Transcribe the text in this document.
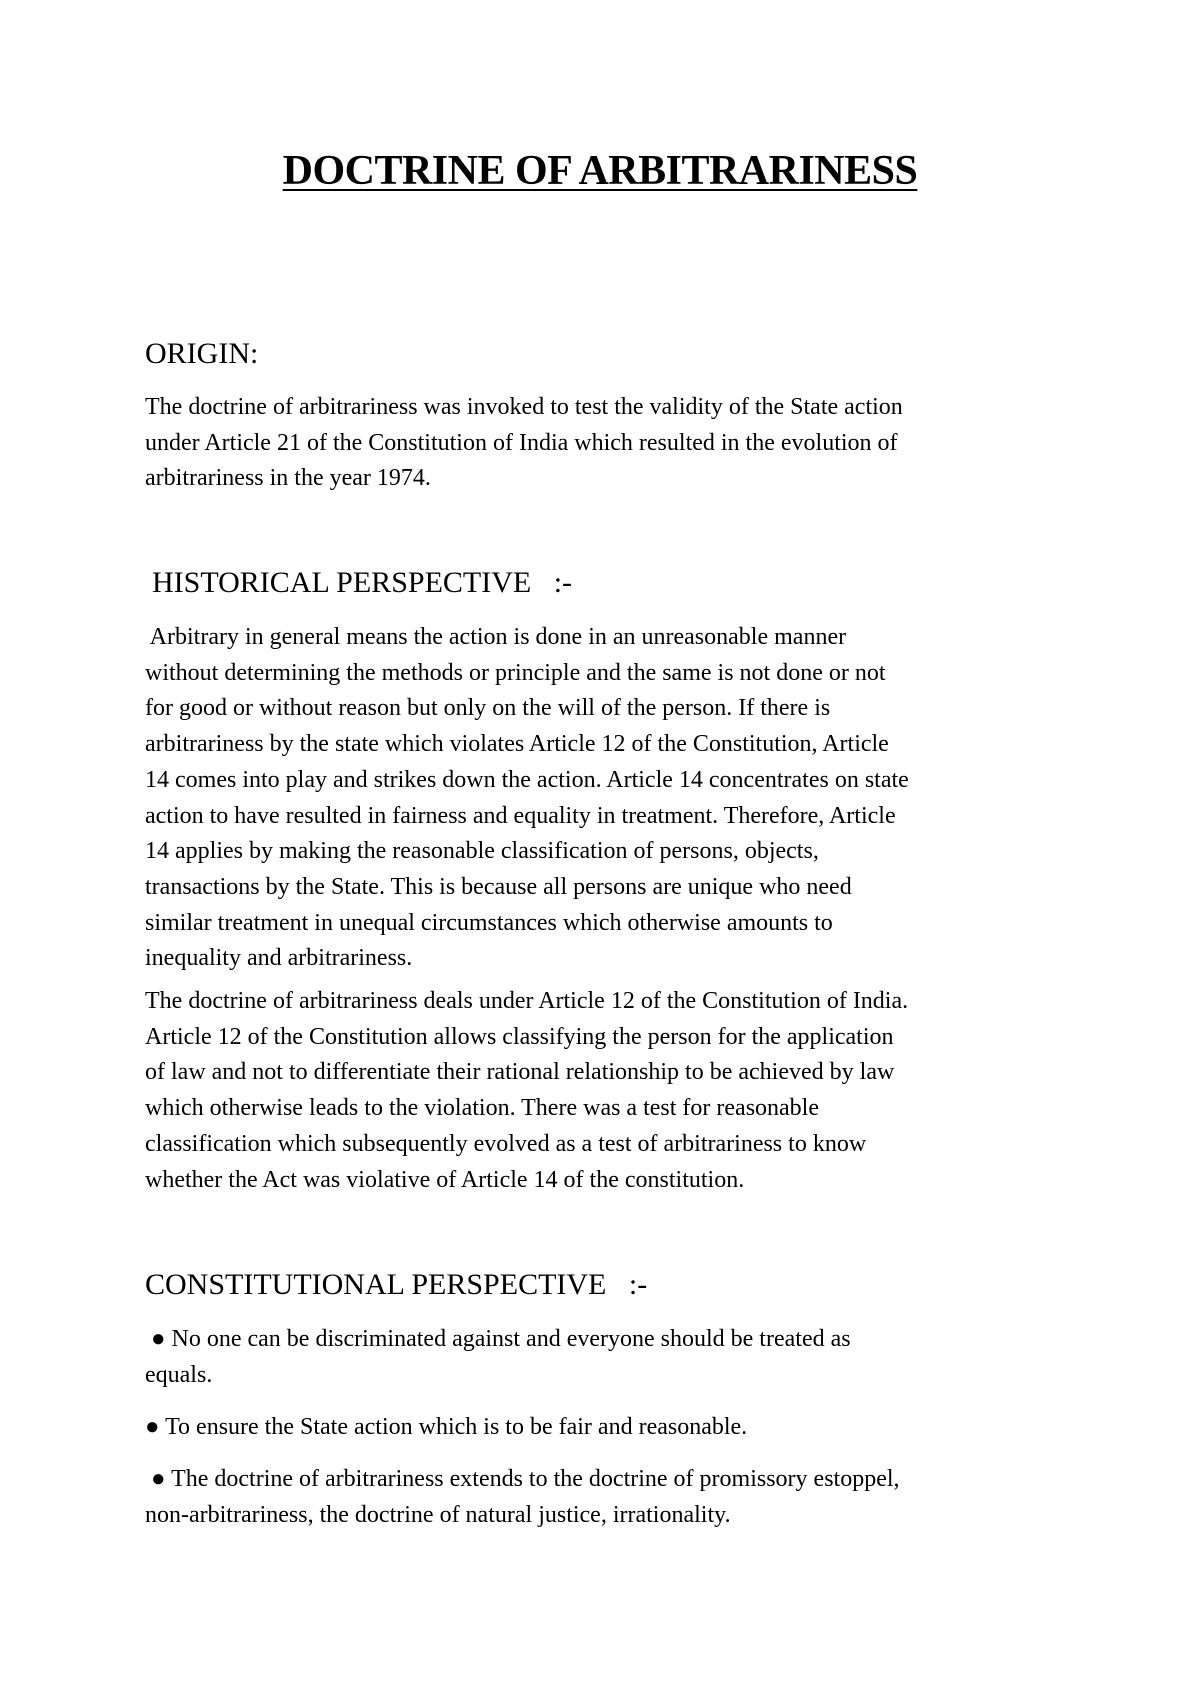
DOCTRINE OF ARBITRARINESS
ORIGIN:
The doctrine of arbitrariness was invoked to test the validity of the State action
under Article 21 of the Constitution of India which resulted in the evolution of
arbitrariness in the year 1974.
HISTORICAL PERSPECTIVE   :-
Arbitrary in general means the action is done in an unreasonable manner
without determining the methods or principle and the same is not done or not
for good or without reason but only on the will of the person. If there is
arbitrariness by the state which violates Article 12 of the Constitution, Article
14 comes into play and strikes down the action. Article 14 concentrates on state
action to have resulted in fairness and equality in treatment. Therefore, Article
14 applies by making the reasonable classification of persons, objects,
transactions by the State. This is because all persons are unique who need
similar treatment in unequal circumstances which otherwise amounts to
inequality and arbitrariness.
The doctrine of arbitrariness deals under Article 12 of the Constitution of India.
Article 12 of the Constitution allows classifying the person for the application
of law and not to differentiate their rational relationship to be achieved by law
which otherwise leads to the violation. There was a test for reasonable
classification which subsequently evolved as a test of arbitrariness to know
whether the Act was violative of Article 14 of the constitution.
CONSTITUTIONAL PERSPECTIVE   :-
● No one can be discriminated against and everyone should be treated as
equals.
● To ensure the State action which is to be fair and reasonable.
● The doctrine of arbitrariness extends to the doctrine of promissory estoppel,
non-arbitrariness, the doctrine of natural justice, irrationality.
